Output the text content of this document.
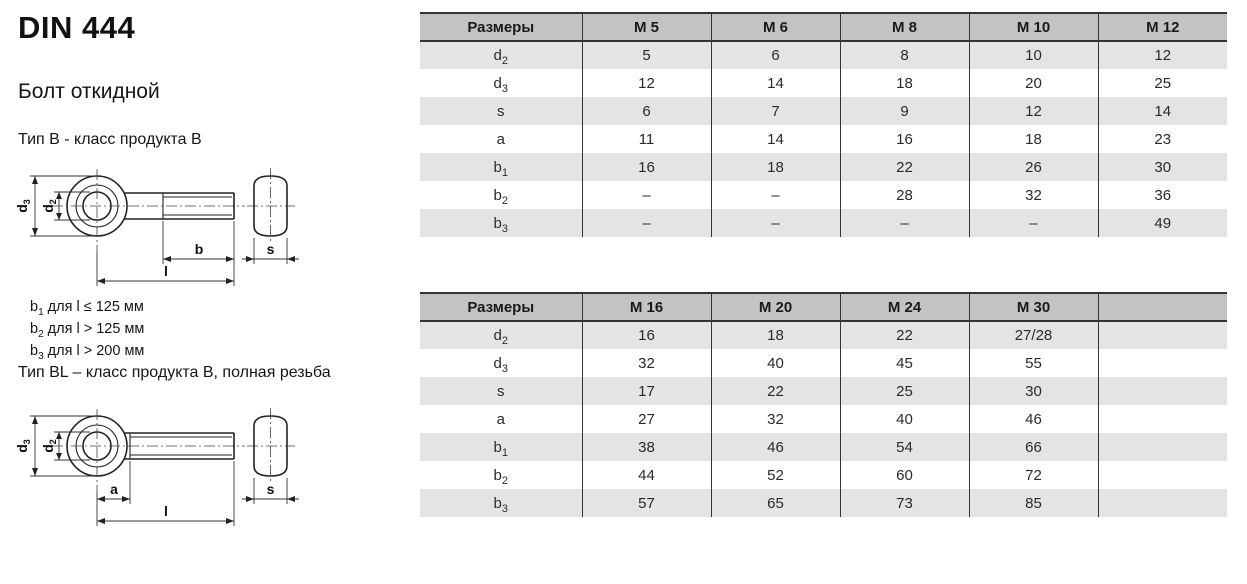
DIN 444
Болт откидной
Тип B - класс продукта B
$d_3$
$d_2$
b
l
s
$b_1$ для l ≤ 125 мм
$b_2$ для l > 125 мм
$b_3$ для l > 200 мм
Тип BL – класс продукта B, полная резьба
$d_3$
$d_2$
a
l
s
Размеры	M 5	M 6	M 8	M 10	M 12
$d_2$	5	6	8	10	12
$d_3$	12	14	18	20	25
s	6	7	9	12	14
a	11	14	16	18	23
$b_1$	16	18	22	26	30
$b_2$	–	–	28	32	36
$b_3$	–	–	–	–	49
Размеры	M 16	M 20	M 24	M 30	
$d_2$	16	18	22	27/28	
$d_3$	32	40	45	55	
s	17	22	25	30	
a	27	32	40	46	
$b_1$	38	46	54	66	
$b_2$	44	52	60	72	
$b_3$	57	65	73	85	
